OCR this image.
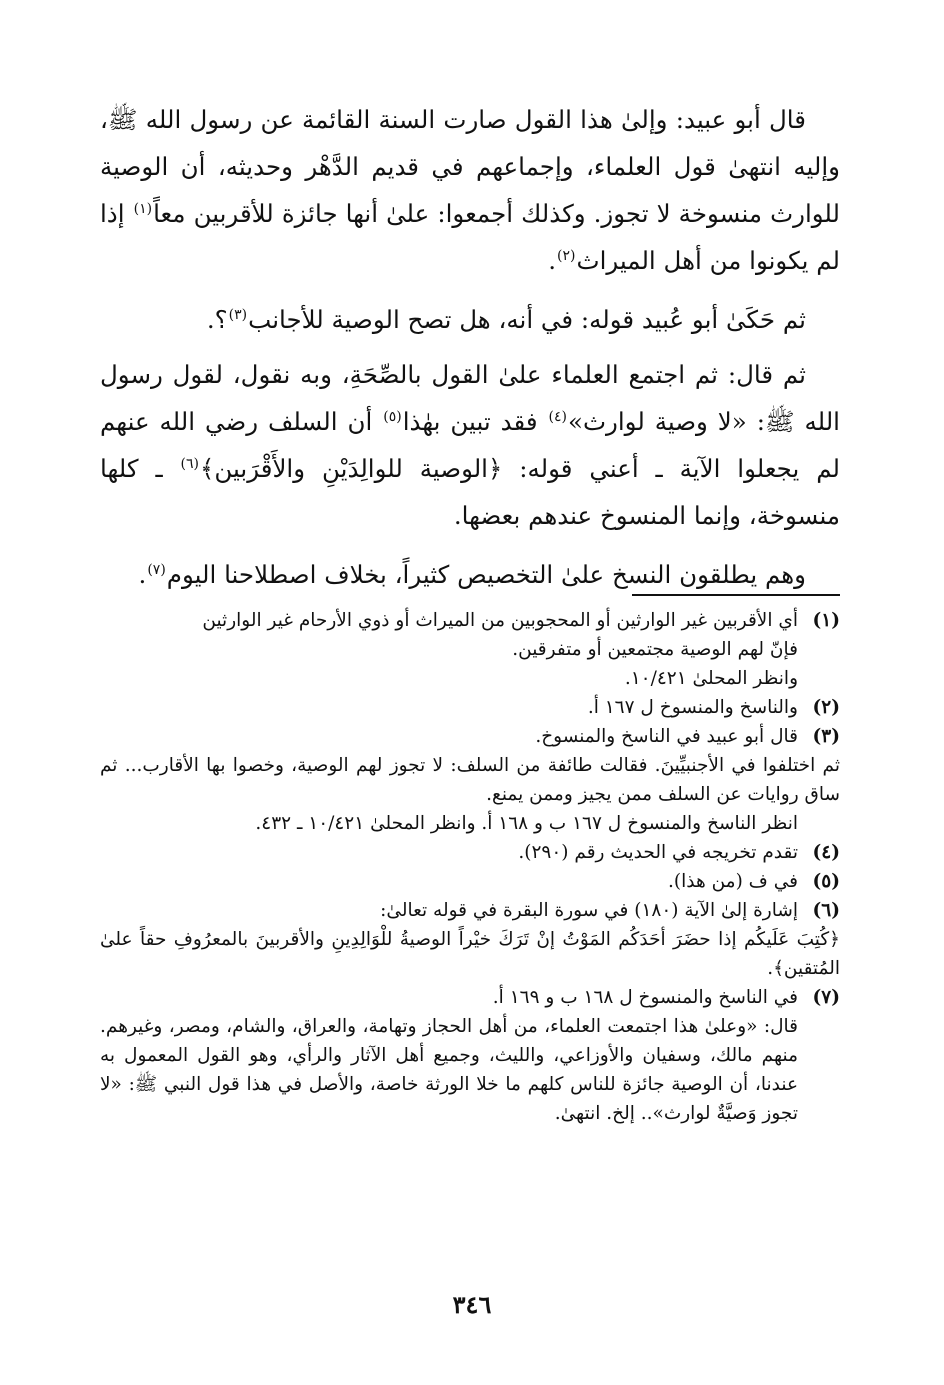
قال أبو عبيد: وإلىٰ هذا القول صارت السنة القائمة عن رسول الله ﷺ، وإليه انتهىٰ قول العلماء، وإجماعهم في قديم الدَّهْر وحديثه، أن الوصية للوارث منسوخة لا تجوز. وكذلك أجمعوا: علىٰ أنها جائزة للأقربين معاً$^{(١)}$ إذا لم يكونوا من أهل الميراث$^{(٢)}$.

ثم حَكَىٰ أبو عُبيد قوله: في أنه، هل تصح الوصية للأجانب$^{(٣)}$؟.

ثم قال: ثم اجتمع العلماء علىٰ القول بالصِّحَةِ، وبه نقول، لقول رسول الله ﷺ: «لا وصية لوارث»$^{(٤)}$ فقد تبين بهٰذا$^{(٥)}$ أن السلف رضي الله عنهم لم يجعلوا الآية ـ أعني قوله: ﴿الوصية للوالِدَيْنِ والأَقْرَبين﴾$^{(٦)}$ ـ كلها منسوخة، وإنما المنسوخ عندهم بعضها.

وهم يطلقون النسخ علىٰ التخصيص كثيراً، بخلاف اصطلاحنا اليوم$^{(٧)}$.

(١)
أي الأقربين غير الوارثين أو المحجوبين من الميراث أو ذوي الأرحام غير الوارثين
فإنّ لهم الوصية مجتمعين أو متفرقين.
وانظر المحلىٰ ١٠/٤٢١.
(٢)
والناسخ والمنسوخ ل ١٦٧ أ.
(٣)
قال أبو عبيد في الناسخ والمنسوخ.
ثم اختلفوا في الأجنبيِّينَ. فقالت طائفة من السلف: لا تجوز لهم الوصية، وخصوا بها الأقارب... ثم ساق روايات عن السلف ممن يجيز وممن يمنع.
انظر الناسخ والمنسوخ ل ١٦٧ ب و ١٦٨ أ. وانظر المحلىٰ ١٠/٤٢١ ـ ٤٣٢.
(٤)
تقدم تخريجه في الحديث رقم (٢٩٠).
(٥)
في ف (من هذا).
(٦)
إشارة إلىٰ الآية (١٨٠) في سورة البقرة في قوله تعالىٰ:
﴿كُتِبَ عَلَيكُم إذا حضَرَ أحَدَكُم المَوْتُ إنْ تَرَكَ خيْراً الوصيةُ للْوَالِدِينِ والأقربينَ بالمعرُوفِ حقاً علىٰ المُتقين﴾.
(٧)
في الناسخ والمنسوخ ل ١٦٨ ب و ١٦٩ أ.
قال: «وعلىٰ هذا اجتمعت العلماء، من أهل الحجاز وتهامة، والعراق، والشام، ومصر، وغيرهم. منهم مالك، وسفيان والأوزاعي، والليث، وجميع أهل الآثار والرأي، وهو القول المعمول به عندنا، أن الوصية جائزة للناس كلهم ما خلا الورثة خاصة، والأصل في هذا قول النبي ﷺ: «لا تجوز وَصيَّةٌ لوارث».. إلخ. انتهىٰ.
٣٤٦
